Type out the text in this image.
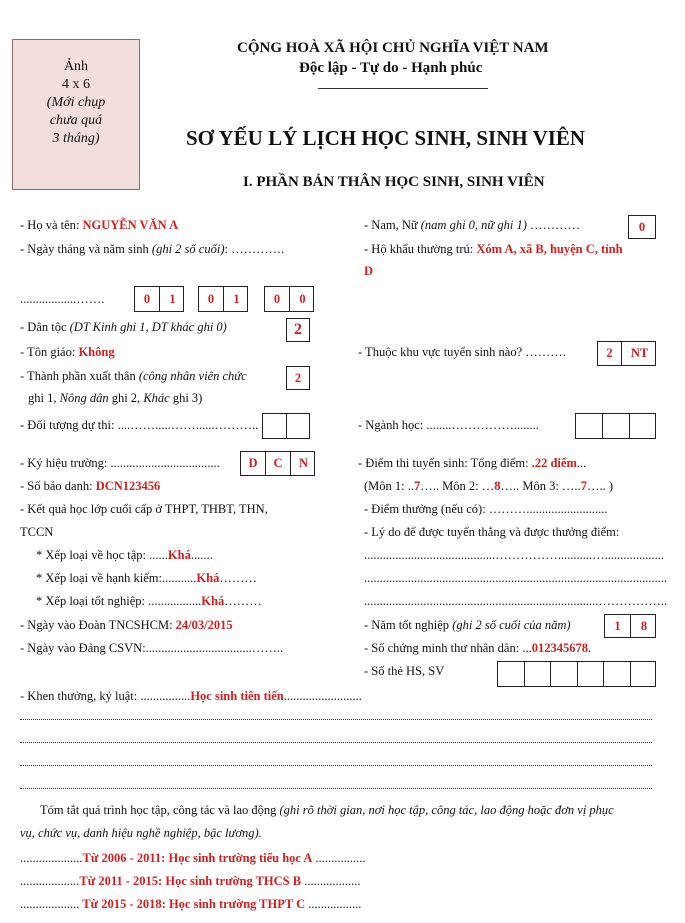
Ảnh
4 x 6
(Mới chụp
chưa quá
3 tháng)
CỘNG HOÀ XÃ HỘI CHỦ NGHĨA VIỆT NAM
Độc lập - Tự do - Hạnh phúc
SƠ YẾU LÝ LỊCH HỌC SINH, SINH VIÊN
I. PHẦN BẢN THÂN HỌC SINH, SINH VIÊN
- Họ và tên: NGUYỄN VĂN A	- Nam, Nữ (nam ghi 0, nữ ghi 1) …………	0
- Ngày tháng và năm sinh (ghi 2 số cuối): ………….	- Hộ khẩu thường trú: Xóm A, xã B, huyện C, tỉnh
D
..................…….	0	1	0	1	0	0
- Dân tộc (DT Kinh ghi 1, DT khác ghi 0)	2
- Tôn giáo: Không	- Thuộc khu vực tuyển sinh nào? ……….	2	NT
- Thành phần xuất thân (công nhân viên chức
ghi 1, Nông dân ghi 2, Khác ghi 3)
2
- Đối tượng dự thi: ....…….....……......………..	- Ngành học: ........……………........
- Ký hiệu trường: ...................................	D	C	N	- Điểm thi tuyển sinh: Tổng điểm: .22 điểm...
- Số báo danh: DCN123456	(Môn 1: ..7….. Môn 2: …8….. Môn 3: …..7….. )
- Kết quả học lớp cuối cấp ở THPT, THBT, THN,
TCCN
- Điểm thưởng (nếu có): ………..........................
- Lý do để được tuyển thẳng và được thưởng điểm:
* Xếp loại về học tập: ......Khá.......	..........................................……………...........…...................
* Xếp loại về hạnh kiểm:...........Khá………	.................................................................................................
* Xếp loại tốt nghiệp: .................Khá………	...........................................................................……………..
- Ngày vào Đoàn TNCSHCM: 24/03/2015	- Năm tốt nghiệp (ghi 2 số cuối của năm)	1	8
- Ngày vào Đảng CSVN:..................................……..	- Số chứng minh thư nhân dân: ...012345678.
- Số thẻ HS, SV
- Khen thưởng, kỷ luật: ................Học sinh tiên tiến.........................
Tóm tắt quá trình học tập, công tác và lao động (ghi rõ thời gian, nơi học tập, công tác, lao động hoặc đơn vị phục
vụ, chức vụ, danh hiệu nghề nghiệp, bậc lương).
....................Từ 2006 - 2011: Học sinh trường tiểu học A ................
...................Từ 2011 - 2015: Học sinh trường THCS B ..................
................... Từ 2015 - 2018: Học sinh trường THPT C .................
